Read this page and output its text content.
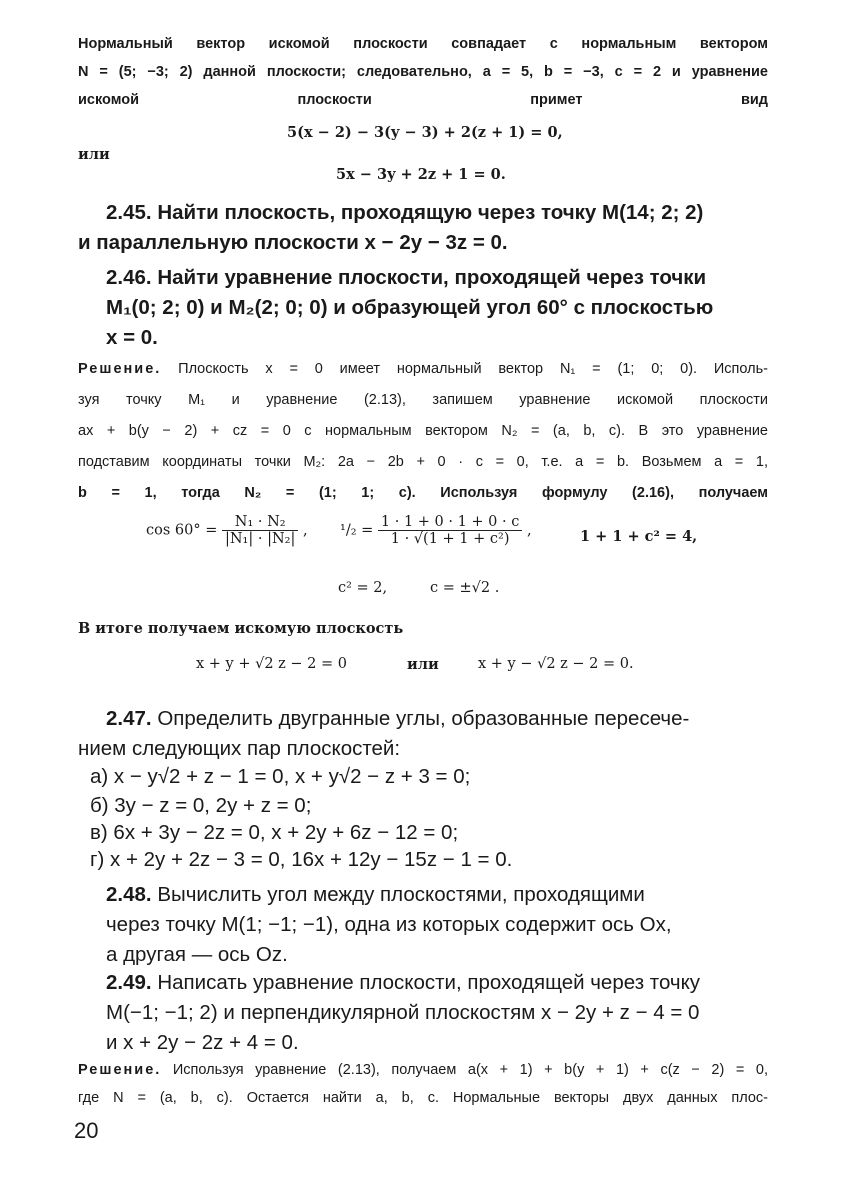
Нормальный вектор искомой плоскости совпадает с нормальным вектором
N = (5; −3; 2) данной плоскости; следовательно, a = 5, b = −3, c = 2 и уравнение
искомой плоскости примет вид
5(x − 2) − 3(y − 3) + 2(z + 1) = 0,
или
5x − 3y + 2z + 1 = 0.
2.45. Найти плоскость, проходящую через точку M(14; 2; 2)
и параллельную плоскости x − 2y − 3z = 0.
2.46. Найти уравнение плоскости, проходящей через точки
M₁(0; 2; 0) и M₂(2; 0; 0) и образующей угол 60° с плоскостью
x = 0.
Решение. Плоскость x = 0 имеет нормальный вектор N₁ = (1; 0; 0). Исполь-
зуя точку M₁ и уравнение (2.13), запишем уравнение искомой плоскости
ax + b(y − 2) + cz = 0 с нормальным вектором N₂ = (a, b, c). В это уравнение
подставим координаты точки M₂: 2a − 2b + 0 · c = 0, т.е. a = b. Возьмем a = 1,
b = 1, тогда N₂ = (1; 1; c). Используя формулу (2.16), получаем
$\cos 60^\circ = \frac{\text{N₁ · N₂}}{\text{|N₁| · |N₂|}}$ , $^1/_2 = \frac{1 \cdot 1 + 0 \cdot 1 + 0 \cdot c}{\text{1 · √(1 + 1 + c²)}}$ ,	1 + 1 + c² = 4,
c² = 2,	c = ±√2 .
В итоге получаем искомую плоскость
x + y + √2 z − 2 = 0	или	x + y − √2 z − 2 = 0.
2.47. Определить двугранные углы, образованные пересече-
нием следующих пар плоскостей:
а) x − y√2 + z − 1 = 0, x + y√2 − z + 3 = 0;
б) 3y − z = 0, 2y + z = 0;
в) 6x + 3y − 2z = 0, x + 2y + 6z − 12 = 0;
г) x + 2y + 2z − 3 = 0, 16x + 12y − 15z − 1 = 0.
2.48. Вычислить угол между плоскостями, проходящими
через точку M(1; −1; −1), одна из которых содержит ось Ox,
а другая — ось Oz.
2.49. Написать уравнение плоскости, проходящей через точку
M(−1; −1; 2) и перпендикулярной плоскостям x − 2y + z − 4 = 0
и x + 2y − 2z + 4 = 0.
Решение. Используя уравнение (2.13), получаем a(x + 1) + b(y + 1) + c(z − 2) = 0,
где N = (a, b, c). Остается найти a, b, c. Нормальные векторы двух данных плос-
20
